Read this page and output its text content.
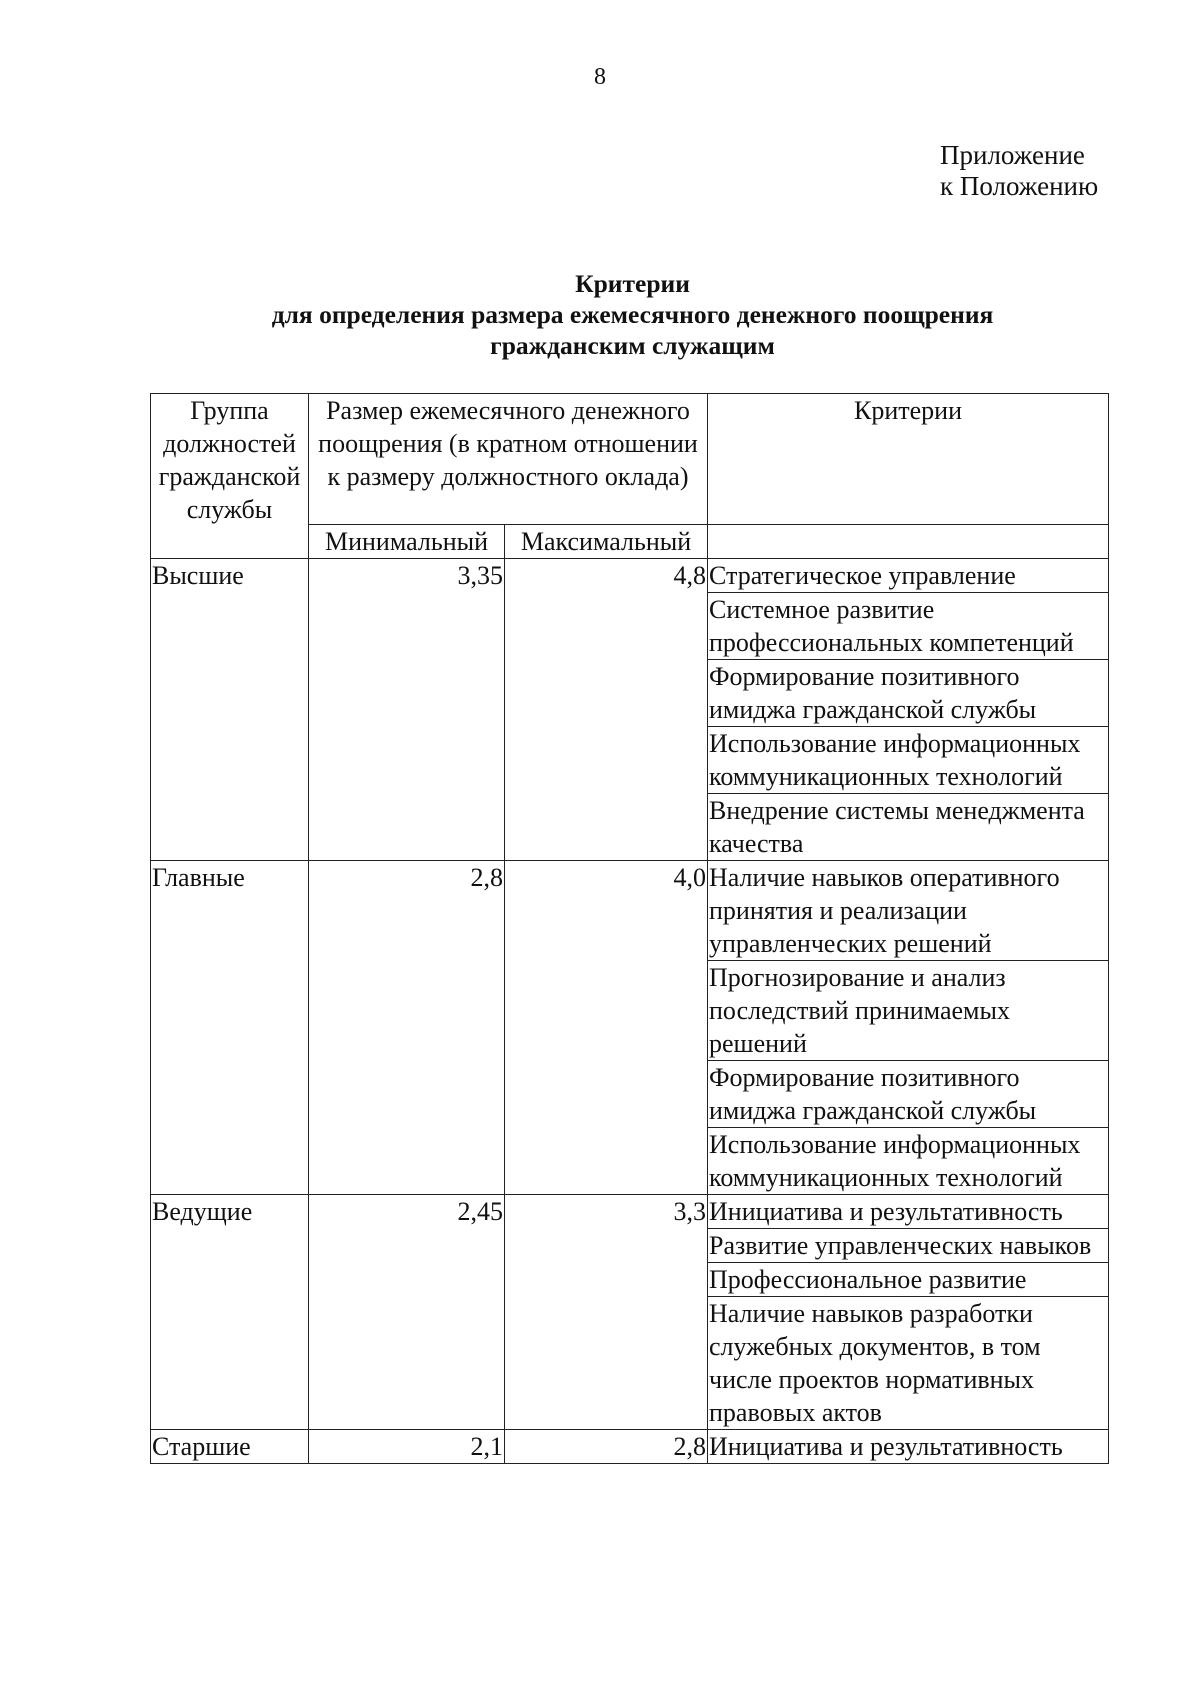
8
Приложение
к Положению
Критерии
для определения размера ежемесячного денежного поощрения
гражданским служащим
Группа должностей гражданской службы	Размер ежемесячного денежного поощрения (в кратном отношении к размеру должностного оклада)		Критерии
	Минимальный	Максимальный	
Высшие	3,35	4,8	Стратегическое управление
			Системное развитие профессиональных компетенций
			Формирование позитивного имиджа гражданской службы
			Использование информационных коммуникационных технологий
			Внедрение системы менеджмента качества
Главные	2,8	4,0	Наличие навыков оперативного принятия и реализации управленческих решений
			Прогнозирование и анализ последствий принимаемых решений
			Формирование позитивного имиджа гражданской службы
			Использование информационных коммуникационных технологий
Ведущие	2,45	3,3	Инициатива и результативность
			Развитие управленческих навыков
			Профессиональное развитие
			Наличие навыков разработки служебных документов, в том числе проектов нормативных правовых актов
Старшие	2,1	2,8	Инициатива и результативность
